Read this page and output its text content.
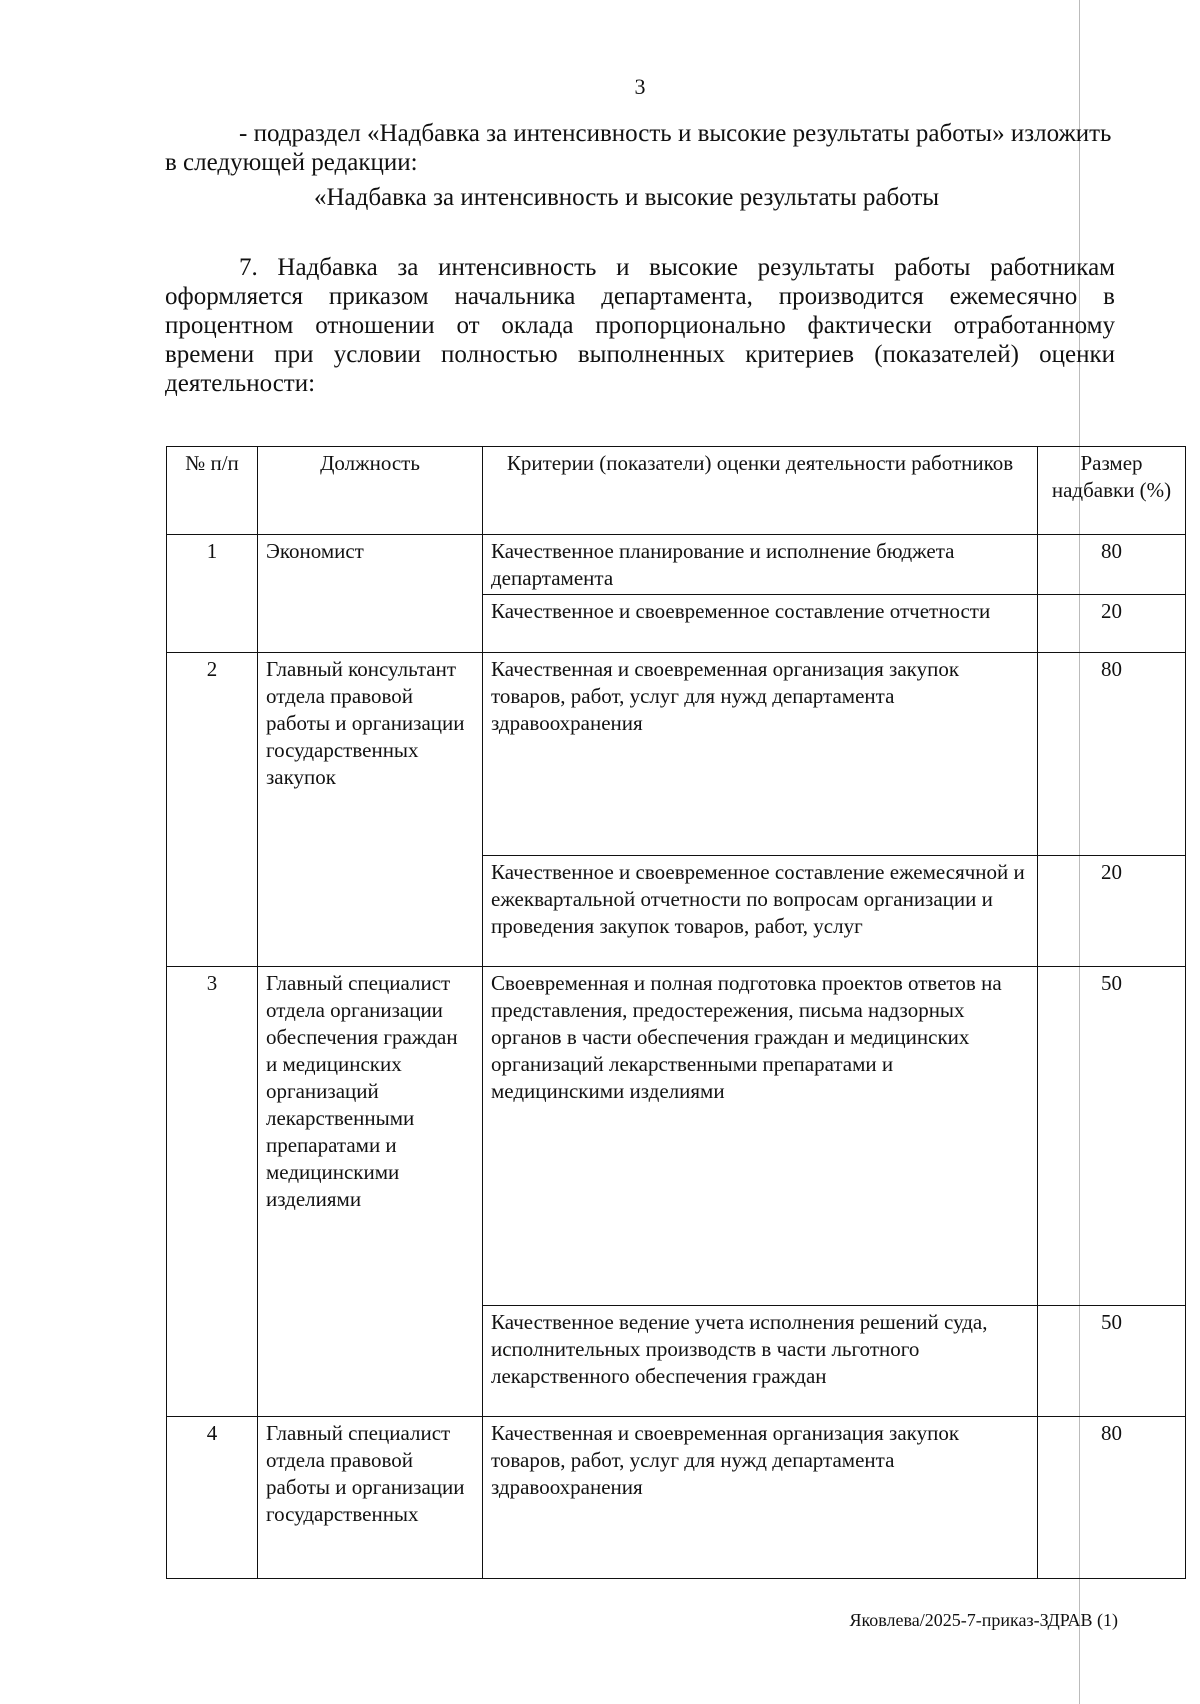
3
- подраздел «Надбавка за интенсивность и высокие результаты работы» изложить в следующей редакции:
«Надбавка за интенсивность и высокие результаты работы
7. Надбавка за интенсивность и высокие результаты работы работникам оформляется приказом начальника департамента, производится ежемесячно в процентном отношении от оклада пропорционально фактически отработанному времени при условии полностью выполненных критериев (показателей) оценки деятельности:
№ п/п	Должность	Критерии (показатели) оценки деятельности работников	Размер надбавки (%)
1	Экономист	Качественное планирование и исполнение бюджета департамента	80
		Качественное и своевременное составление отчетности	20
2	Главный консультант отдела правовой работы и организации государственных закупок	Качественная и своевременная организация закупок товаров, работ, услуг для нужд департамента здравоохранения	80
		Качественное и своевременное составление ежемесячной и ежеквартальной отчетности по вопросам организации и проведения закупок товаров, работ, услуг	20
3	Главный специалист отдела организации обеспечения граждан и медицинских организаций лекарственными препаратами и медицинскими изделиями	Своевременная и полная подготовка проектов ответов на представления, предостережения, письма надзорных органов в части обеспечения граждан и медицинских организаций лекарственными препаратами и медицинскими изделиями	50
		Качественное ведение учета исполнения решений суда, исполнительных производств в части льготного лекарственного обеспечения граждан	50
4	Главный специалист отдела правовой работы и организации государственных	Качественная и своевременная организация закупок товаров, работ, услуг для нужд департамента здравоохранения	80
Яковлева/2025-7-приказ-ЗДРАВ (1)
